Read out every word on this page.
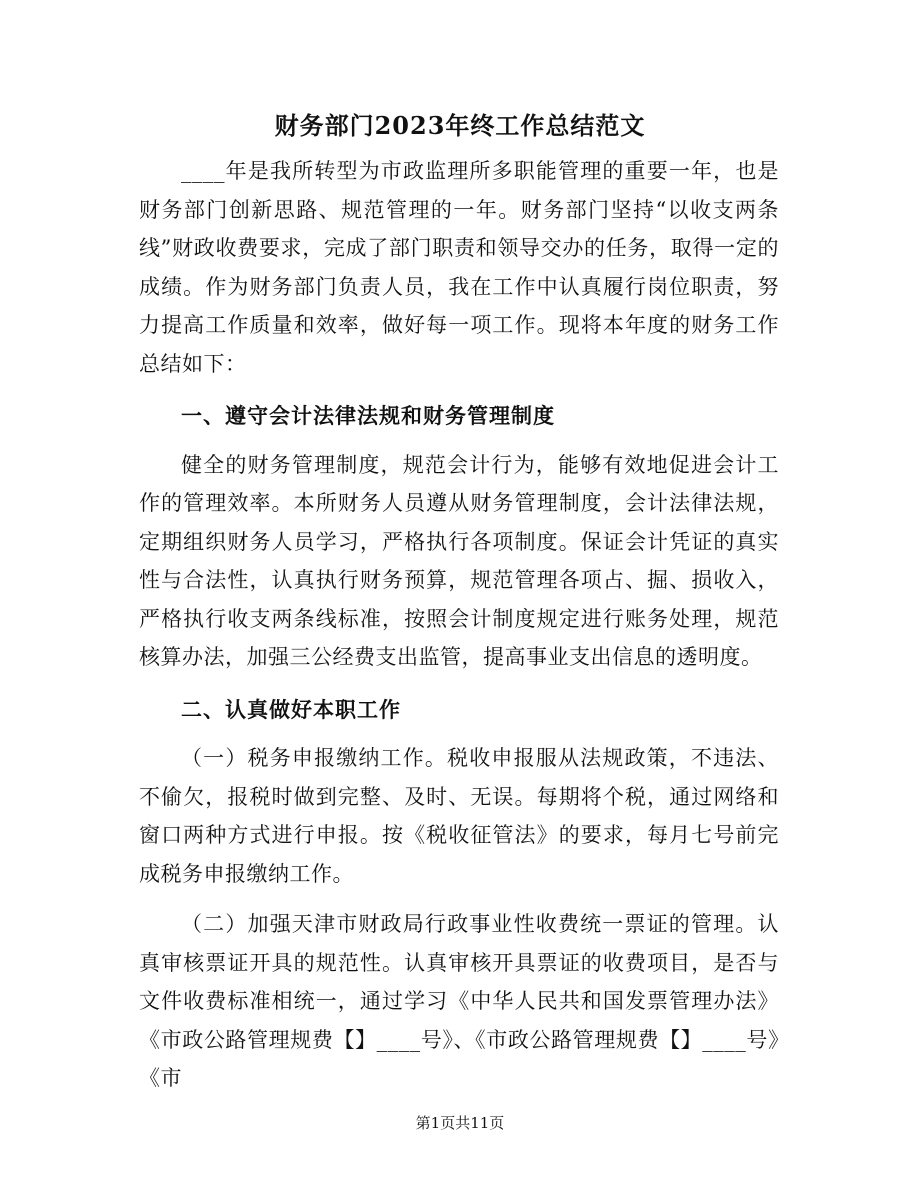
财务部门2023年终工作总结范文

____年是我所转型为市政监理所多职能管理的重要一年，也是财务部门创新思路、规范管理的一年。财务部门坚持“以收支两条线”财政收费要求，完成了部门职责和领导交办的任务，取得一定的成绩。作为财务部门负责人员，我在工作中认真履行岗位职责，努力提高工作质量和效率，做好每一项工作。现将本年度的财务工作总结如下：

一、遵守会计法律法规和财务管理制度

健全的财务管理制度，规范会计行为，能够有效地促进会计工作的管理效率。本所财务人员遵从财务管理制度，会计法律法规，定期组织财务人员学习，严格执行各项制度。保证会计凭证的真实性与合法性，认真执行财务预算，规范管理各项占、掘、损收入，严格执行收支两条线标准，按照会计制度规定进行账务处理，规范核算办法，加强三公经费支出监管，提高事业支出信息的透明度。

二、认真做好本职工作

（一）税务申报缴纳工作。税收申报服从法规政策，不违法、不偷欠，报税时做到完整、及时、无误。每期将个税，通过网络和窗口两种方式进行申报。按《税收征管法》的要求，每月七号前完成税务申报缴纳工作。

（二）加强天津市财政局行政事业性收费统一票证的管理。认真审核票证开具的规范性。认真审核开具票证的收费项目，是否与文件收费标准相统一，通过学习《中华人民共和国发票管理办法》《市政公路管理规费【】____号》、《市政公路管理规费【】____号》《市

第1页共11页
